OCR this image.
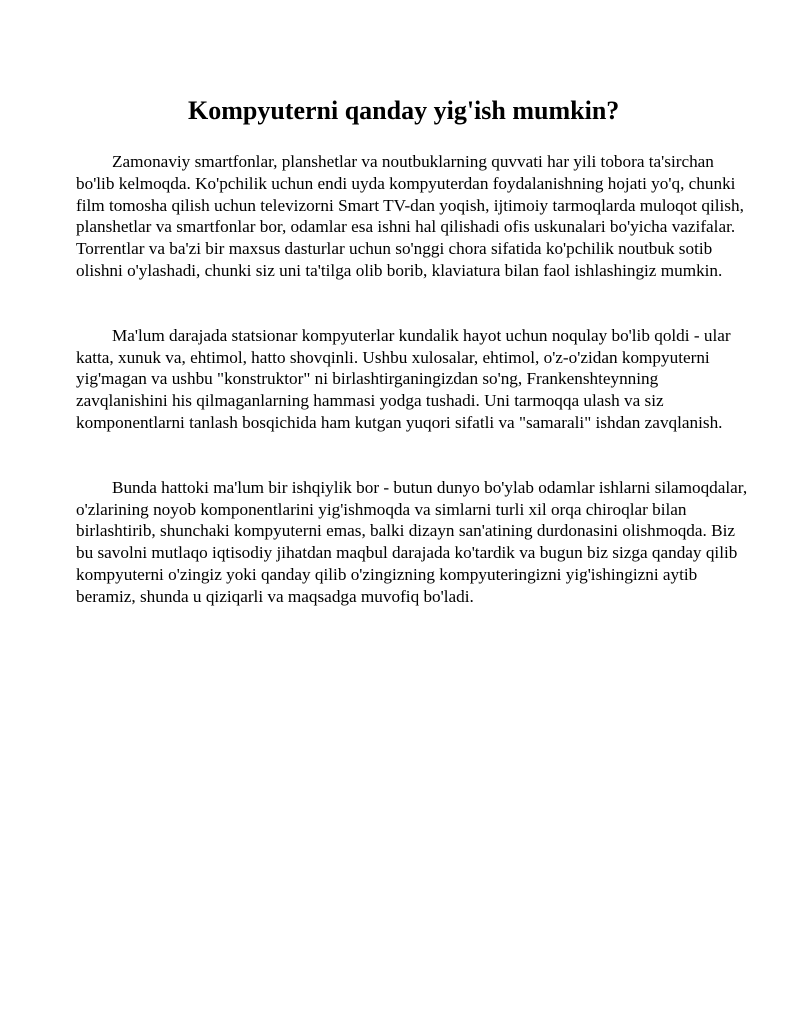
Kompyuterni qanday yig'ish mumkin?

Zamonaviy smartfonlar, planshetlar va noutbuklarning quvvati har yili tobora ta'sirchan bo'lib kelmoqda. Ko'pchilik uchun endi uyda kompyuterdan foydalanishning hojati yo'q, chunki film tomosha qilish uchun televizorni Smart TV-dan yoqish, ijtimoiy tarmoqlarda muloqot qilish, planshetlar va smartfonlar bor, odamlar esa ishni hal qilishadi ofis uskunalari bo'yicha vazifalar. Torrentlar va ba'zi bir maxsus dasturlar uchun so'nggi chora sifatida ko'pchilik noutbuk sotib olishni o'ylashadi, chunki siz uni ta'tilga olib borib, klaviatura bilan faol ishlashingiz mumkin.

Ma'lum darajada statsionar kompyuterlar kundalik hayot uchun noqulay bo'lib qoldi - ular katta, xunuk va, ehtimol, hatto shovqinli. Ushbu xulosalar, ehtimol, o'z-o'zidan kompyuterni yig'magan va ushbu "konstruktor" ni birlashtirganingizdan so'ng, Frankenshteynning zavqlanishini his qilmaganlarning hammasi yodga tushadi. Uni tarmoqqa ulash va siz komponentlarni tanlash bosqichida ham kutgan yuqori sifatli va "samarali" ishdan zavqlanish.

Bunda hattoki ma'lum bir ishqiylik bor - butun dunyo bo'ylab odamlar ishlarni silamoqdalar, o'zlarining noyob komponentlarini yig'ishmoqda va simlarni turli xil orqa chiroqlar bilan birlashtirib, shunchaki kompyuterni emas, balki dizayn san'atining durdonasini olishmoqda. Biz bu savolni mutlaqo iqtisodiy jihatdan maqbul darajada ko'tardik va bugun biz sizga qanday qilib kompyuterni o'zingiz yoki qanday qilib o'zingizning kompyuteringizni yig'ishingizni aytib beramiz, shunda u qiziqarli va maqsadga muvofiq bo'ladi.
